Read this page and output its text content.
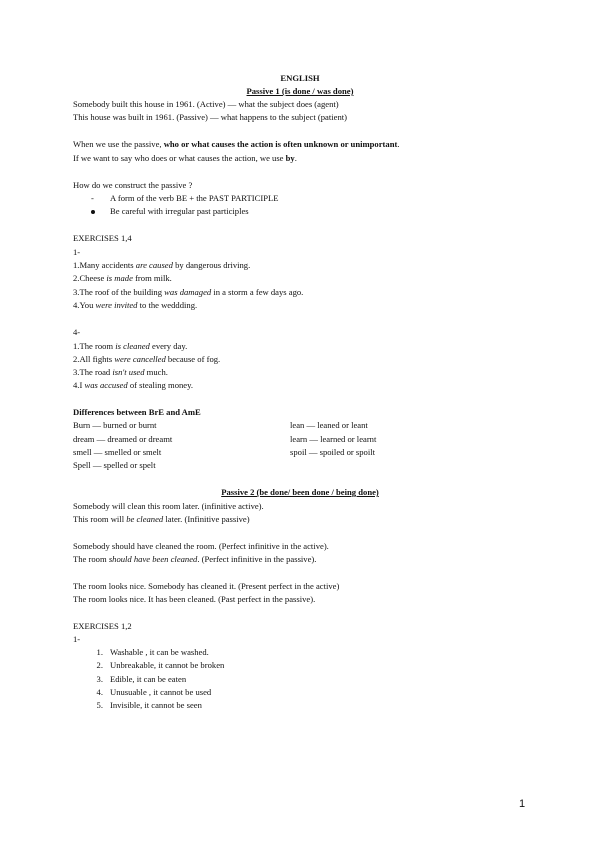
ENGLISH
Passive 1 (is done / was done)
Somebody built this house in 1961. (Active) — what the subject does (agent)
This house was built in 1961. (Passive) — what happens to the subject (patient)
When we use the passive, who or what causes the action is often unknown or unimportant.
If we want to say who does or what causes the action, we use by.
How do we construct the passive ?
- A form of the verb BE + the PAST PARTICIPLE
Be careful with irregular past participles
EXERCISES 1,4
1-
1.Many accidents are caused by dangerous driving.
2.Cheese is made from milk.
3.The roof of the building was damaged in a storm a few days ago.
4.You were invited to the weddding.
4-
1.The room is cleaned every day.
2.All fights were cancelled because of fog.
3.The road isn't used much.
4.I was accused of stealing money.
Differences between BrE and AmE
Burn — burned or burnt
dream — dreamed or dreamt
smell — smelled or smelt
Spell — spelled or spelt
lean — leaned or leant
learn — learned or learnt
spoil — spoiled or spoilt
Passive 2 (be done/ been done / being done)
Somebody will clean this room later. (infinitive active).
This room will be cleaned later. (Infinitive passive)
Somebody should have cleaned the room. (Perfect infinitive in the active).
The room should have been cleaned. (Perfect infinitive in the passive).
The room looks nice. Somebody has cleaned it. (Present perfect in the active)
The room looks nice. It has been cleaned. (Past perfect in the passive).
EXERCISES 1,2
1-
1. Washable , it can be washed.
2. Unbreakable, it cannot be broken
3. Edible, it can be eaten
4. Unusuable , it cannot be used
5. Invisible, it cannot be seen
1
